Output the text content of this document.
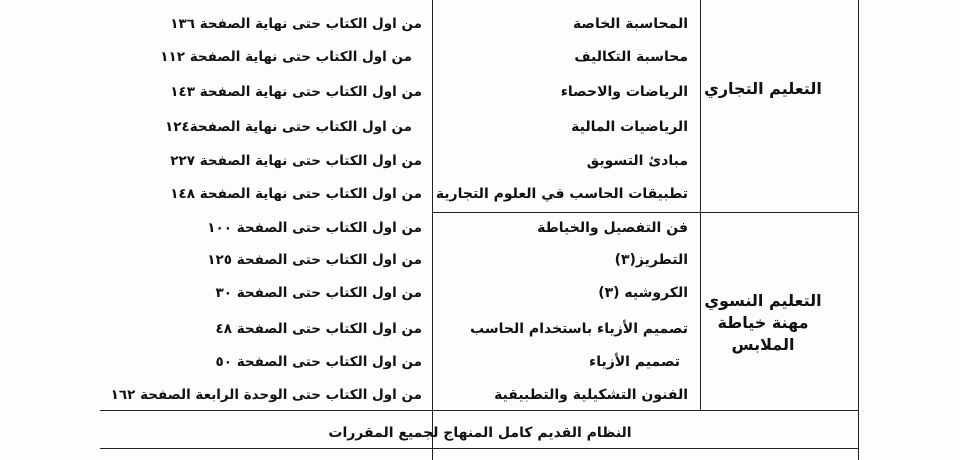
التعليم التجاري
التعليم النسوي
مهنة خياطة الملابس
المحاسبة الخاصة
من اول الكتاب حتى نهاية الصفحة ١٣٦
محاسبة التكاليف
من اول الكتاب حتى نهاية الصفحة ١١٢
الرياضات والاحصاء
من اول الكتاب حتى نهاية الصفحة ١٤٣
الرياضيات المالية
من اول الكتاب حتى نهاية الصفحة١٢٤
مبادئ التسويق
من اول الكتاب حتى نهاية الصفحة ٢٢٧
تطبيقات الحاسب في العلوم التجارية
من اول الكتاب حتى نهاية الصفحة ١٤٨
فن التفصيل والخياطة
من اول الكتاب حتى الصفحة ١٠٠
التطريز(٣)
من اول الكتاب حتى الصفحة ١٢٥
الكروشيه (٣)
من اول الكتاب حتى الصفحة ٣٠
تصميم الأزياء باستخدام الحاسب
من اول الكتاب حتى الصفحة ٤٨
تصميم الأزياء
من اول الكتاب حتى الصفحة ٥٠
الفنون التشكيلية والتطبيقية
من اول الكتاب حتى الوحدة الرابعة الصفحة ١٦٢
النظام القديم كامل المنهاج لجميع المقررات
